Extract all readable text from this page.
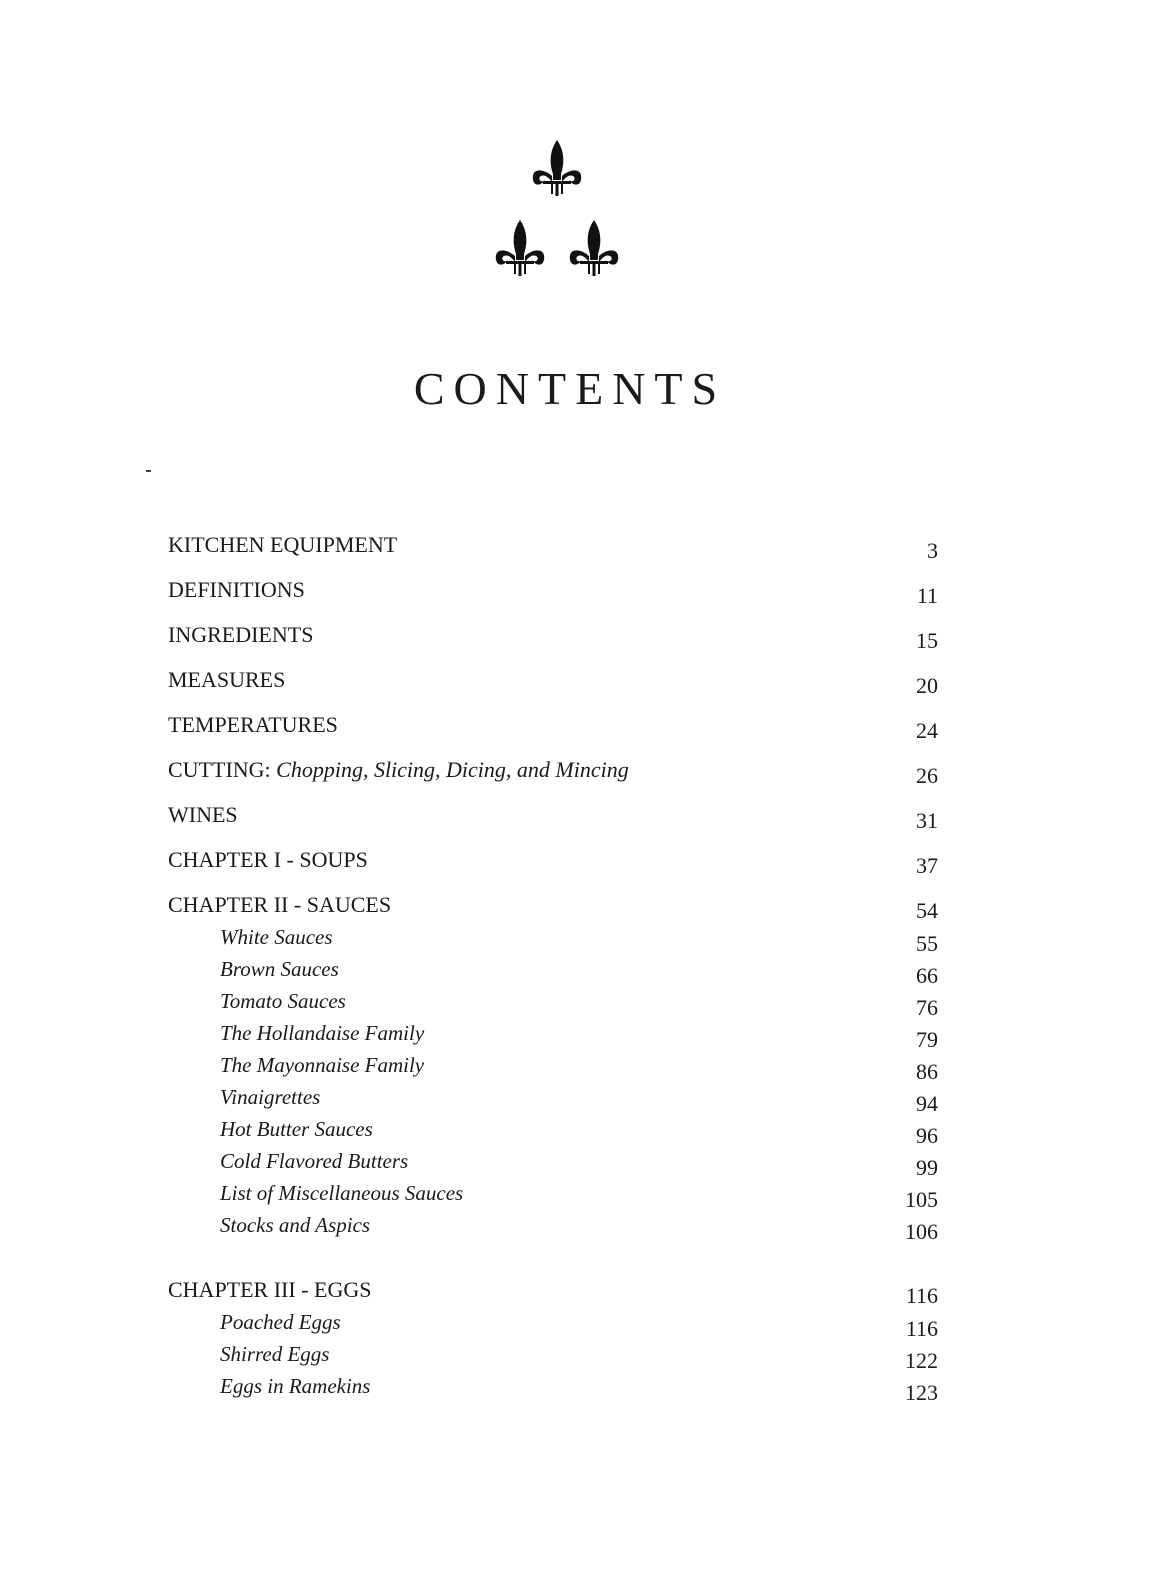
CONTENTS
KITCHEN EQUIPMENT	3
DEFINITIONS	11
INGREDIENTS	15
MEASURES	20
TEMPERATURES	24
CUTTING: Chopping, Slicing, Dicing, and Mincing	26
WINES	31
CHAPTER I - SOUPS	37
CHAPTER II - SAUCES	54
White Sauces	55
Brown Sauces	66
Tomato Sauces	76
The Hollandaise Family	79
The Mayonnaise Family	86
Vinaigrettes	94
Hot Butter Sauces	96
Cold Flavored Butters	99
List of Miscellaneous Sauces	105
Stocks and Aspics	106
CHAPTER III - EGGS	116
Poached Eggs	116
Shirred Eggs	122
Eggs in Ramekins	123
